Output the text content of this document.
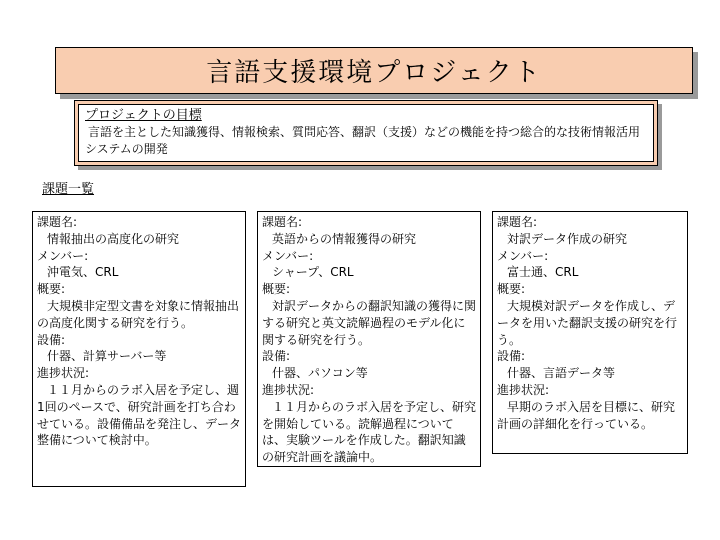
言語支援環境プロジェクト
プロジェクトの目標
言語を主とした知識獲得、情報検索、質問応答、翻訳（支援）などの機能を持つ総合的な技術情報活用システムの開発
課題一覧
課題名:
情報抽出の高度化の研究
メンバー:
沖電気、CRL
概要:
大規模非定型文書を対象に情報抽出の高度化関する研究を行う。
設備:
什器、計算サーバー等
進捗状況:
１１月からのラボ入居を予定し、週1回のペースで、研究計画を打ち合わせている。設備備品を発注し、データ整備について検討中。
課題名:
英語からの情報獲得の研究
メンバー:
シャープ、CRL
概要:
対訳データからの翻訳知識の獲得に関する研究と英文読解過程のモデル化に関する研究を行う。
設備:
什器、パソコン等
進捗状況:
１１月からのラボ入居を予定し、研究を開始している。読解過程については、実験ツールを作成した。翻訳知識の研究計画を議論中。
課題名:
対訳データ作成の研究
メンバー:
富士通、CRL
概要:
大規模対訳データを作成し、データを用いた翻訳支援の研究を行う。
設備:
什器、言語データ等
進捗状況:
早期のラボ入居を目標に、研究計画の詳細化を行っている。
